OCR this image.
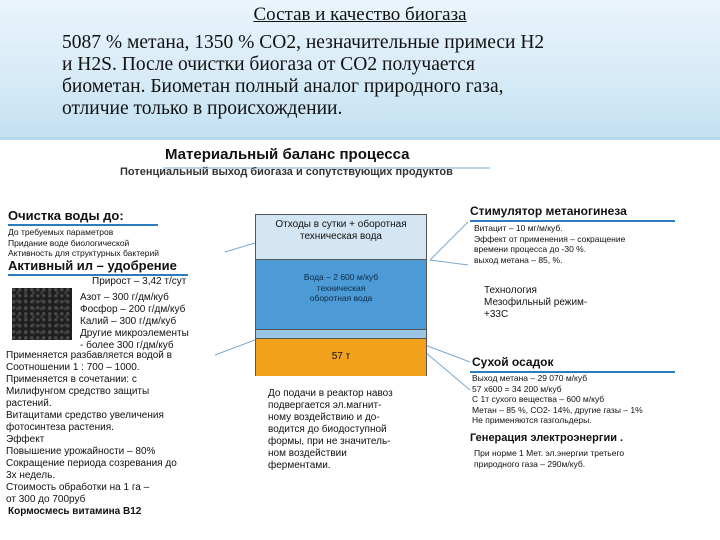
Состав и качество биогаза
5087 % метана, 1350 % CO2, незначительные примеси H2
и H2S. После очистки биогаза от CO2 получается
биометан. Биометан полный аналог природного газа,
отличие только в происхождении.
Материальный баланс процесса
Потенциальный выход биогаза и сопутствующих продуктов
Очистка воды до:
До требуемых параметров
Придание воде биологической
Активность для структурных бактерий
Активный ил – удобрение
Прирост – 3,42 т/сут
Азот – 300 г/дм/куб
Фосфор – 200 г/дм/куб
Калий – 300 г/дм/куб
Другие микроэлементы
- более 300 г/дм/куб
Применяется разбавляется водой в
Соотношении 1 : 700 – 1000.
Применяется в сочетании: с
Милифунгом средство защиты
растений.
Витацитами средство увеличения
фотосинтеза растения.
Эффект
Повышение урожайности – 80%
Сокращение периода созревания до
3х недель.
Стоимость обработки на 1 га –
от 300 до 700руб
Кормосмесь витамина В12
Отходы в сутки + оборотная
техническая вода
Вода – 2 600 м/куб
техническая
оборотная вода
57 т
До подачи в реактор навоз
подвергается эл.магнит-
ному воздействию и до-
водится до биодоступной
формы, при не значитель-
ном воздействии
ферментами.
Стимулятор метаногинеза
Витацит – 10 мг/м/куб.
Эффект от применения – сокращение
времени процесса до -30 %.
выход метана – 85, %.
Технология
Мезофильный режим-
+33С
Сухой осадок
Выход метана – 29 070 м/куб
57 х600 = 34 200 м/куб
С 1т сухого вещества – 600 м/куб
Метан – 85 %, СО2- 14%, другие газы – 1%
Не применяются газгольдеры.
Генерация электроэнергии .
При норме 1 Мет. эл.энергии третьего
природного газа – 290м/куб.
